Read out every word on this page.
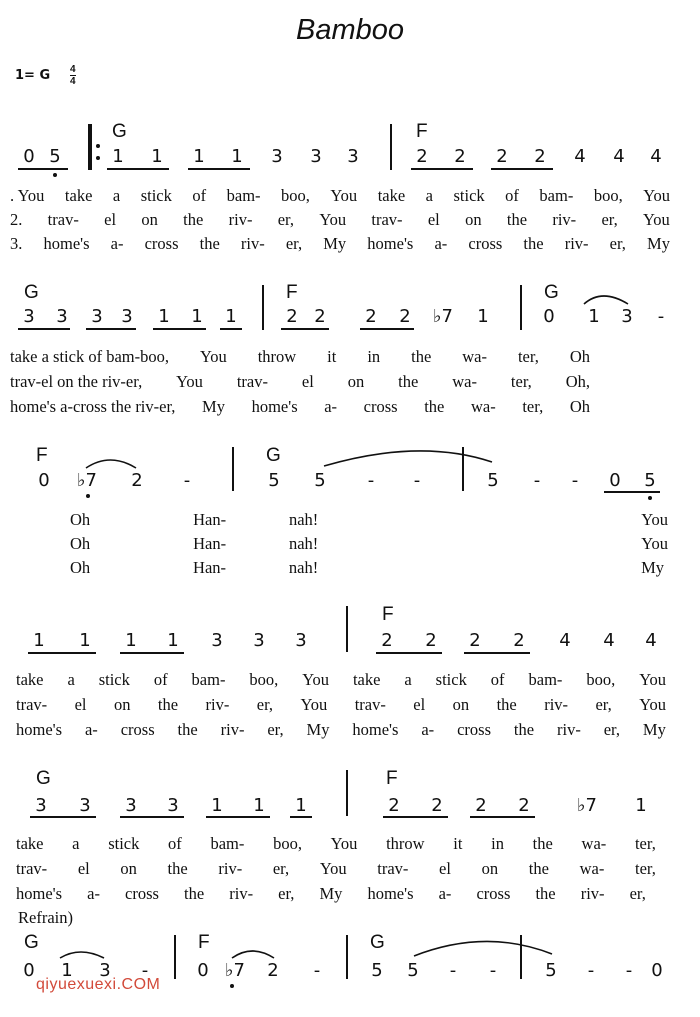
Bamboo
1= G 4
4
G	F
0 5	1 1 1 1 3 3 3	2 2 2 2 4 4 4
. You take a stick of bam- boo, You take a stick of bam- boo, You
2. trav- el on the riv- er, You trav- el on the riv- er, You
3. home's a- cross the riv- er, My home's a- cross the riv- er, My
G	F	G
3 3 3 3 1 1 1	2 2 2 2 ♭7 1	0 1 3	-
take a stick of bam-boo, You throw it in the wa- ter, Oh
trav-el on the riv-er, You trav- el on the wa- ter, Oh,
home's a-cross the riv-er, My home's a- cross the wa- ter, Oh
F	G
0 ♭7 2	-	5 5	-	-	5	-	-	0 5
Oh	Han-	nah!	You
Oh	Han-	nah!	You
Oh	Han-	nah!	My
F
1 1 1 1 3 3 3	2 2 2 2 4 4 4
take a stick of bam- boo, You take a stick of bam- boo, You
trav- el on the riv- er, You trav- el on the riv- er, You
home's a- cross the riv- er, My home's a- cross the riv- er, My
G	F
3 3 3 3 1 1 1	2 2 2 2	♭7 1
take a stick of bam- boo, You throw it in the wa- ter,
trav- el on the riv- er, You trav- el on the wa- ter,
home's a- cross the riv- er, My home's a- cross the riv- er,
Refrain)
G	F	G
0 1 3	-	0 ♭7 2	-	5 5	-	-	5	-	-	0
qiyuexuexi.COM
